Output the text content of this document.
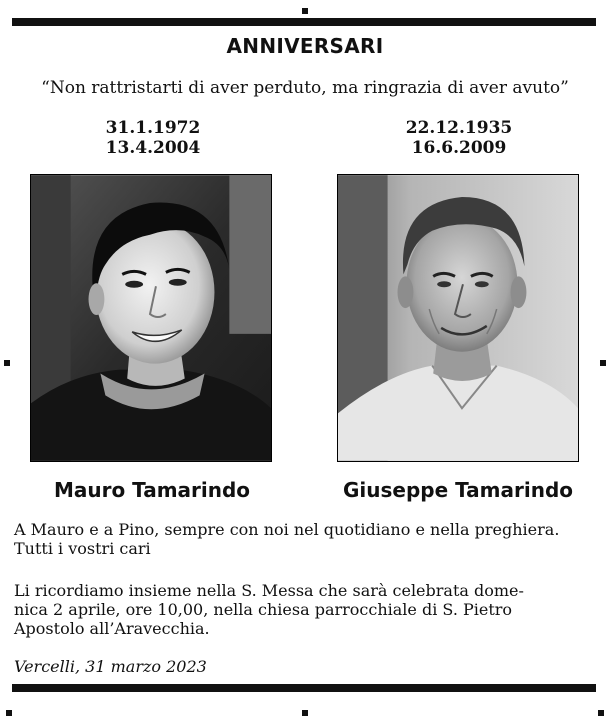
ANNIVERSARI
“Non rattristarti di aver perduto, ma ringrazia di aver avuto”
31.1.1972
13.4.2004
22.12.1935
16.6.2009
Mauro Tamarindo	Giuseppe Tamarindo
A Mauro e a Pino, sempre con noi nel quotidiano e nella preghiera.
Tutti i vostri cari
Li ricordiamo insieme nella S. Messa che sarà celebrata dome-
nica 2 aprile, ore 10,00, nella chiesa parrocchiale di S. Pietro
Apostolo all’Aravecchia.
Vercelli, 31 marzo 2023
